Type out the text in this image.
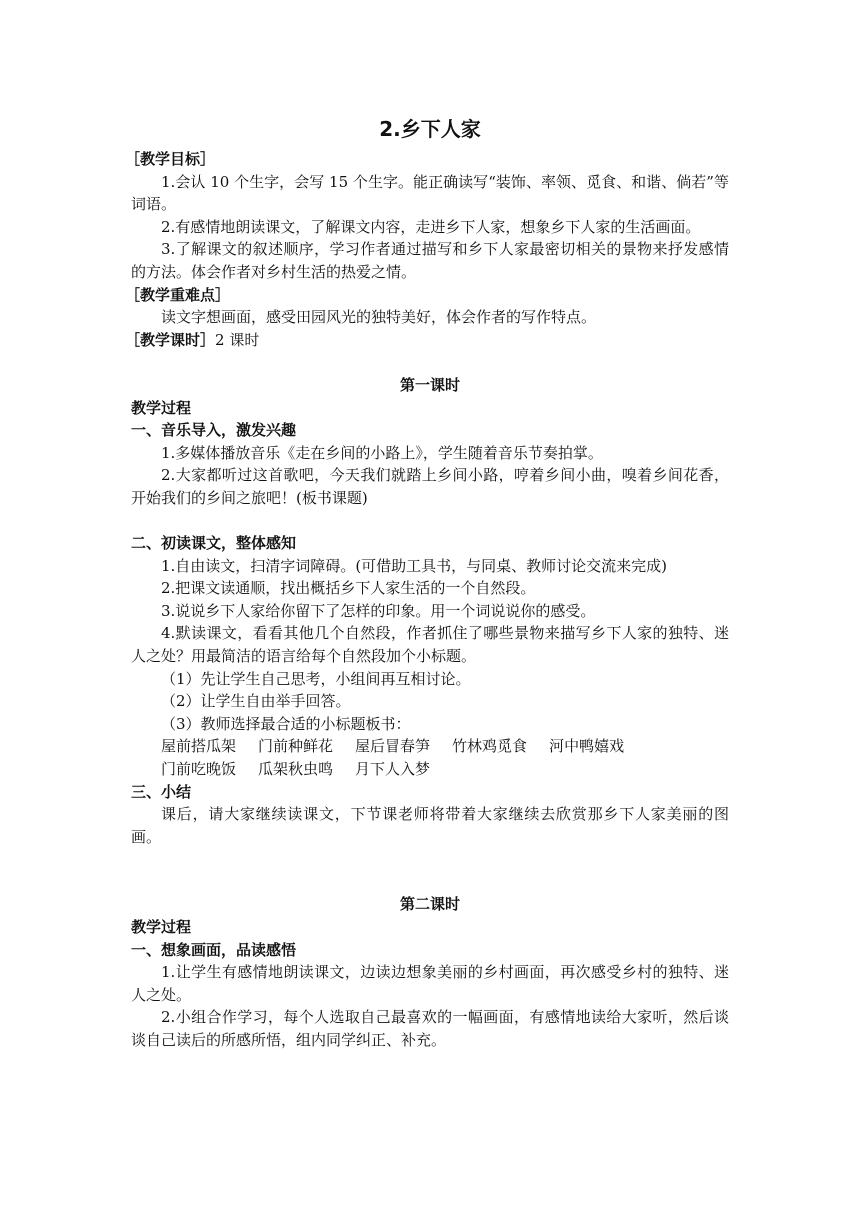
2.乡下人家
［教学目标］
1.会认 10 个生字，会写 15 个生字。能正确读写“装饰、率领、觅食、和谐、倘若”等词语。
2.有感情地朗读课文，了解课文内容，走进乡下人家，想象乡下人家的生活画面。
3.了解课文的叙述顺序，学习作者通过描写和乡下人家最密切相关的景物来抒发感情的方法。体会作者对乡村生活的热爱之情。
［教学重难点］
读文字想画面，感受田园风光的独特美好，体会作者的写作特点。
［教学课时］2 课时
第一课时
教学过程
一、音乐导入，激发兴趣
1.多媒体播放音乐《走在乡间的小路上》，学生随着音乐节奏拍掌。
2.大家都听过这首歌吧，今天我们就踏上乡间小路，哼着乡间小曲，嗅着乡间花香，开始我们的乡间之旅吧！(板书课题)
二、初读课文，整体感知
1.自由读文，扫清字词障碍。(可借助工具书，与同桌、教师讨论交流来完成)
2.把课文读通顺，找出概括乡下人家生活的一个自然段。
3.说说乡下人家给你留下了怎样的印象。用一个词说说你的感受。
4.默读课文，看看其他几个自然段，作者抓住了哪些景物来描写乡下人家的独特、迷人之处？用最简洁的语言给每个自然段加个小标题。
（1）先让学生自己思考，小组间再互相讨论。
（2）让学生自由举手回答。
（3）教师选择最合适的小标题板书：
屋前搭瓜架 门前种鲜花 屋后冒春笋 竹林鸡觅食 河中鸭嬉戏
门前吃晚饭 瓜架秋虫鸣 月下人入梦
三、小结
课后，请大家继续读课文，下节课老师将带着大家继续去欣赏那乡下人家美丽的图画。
第二课时
教学过程
一、想象画面，品读感悟
1.让学生有感情地朗读课文，边读边想象美丽的乡村画面，再次感受乡村的独特、迷人之处。
2.小组合作学习，每个人选取自己最喜欢的一幅画面，有感情地读给大家听，然后谈谈自己读后的所感所悟，组内同学纠正、补充。
